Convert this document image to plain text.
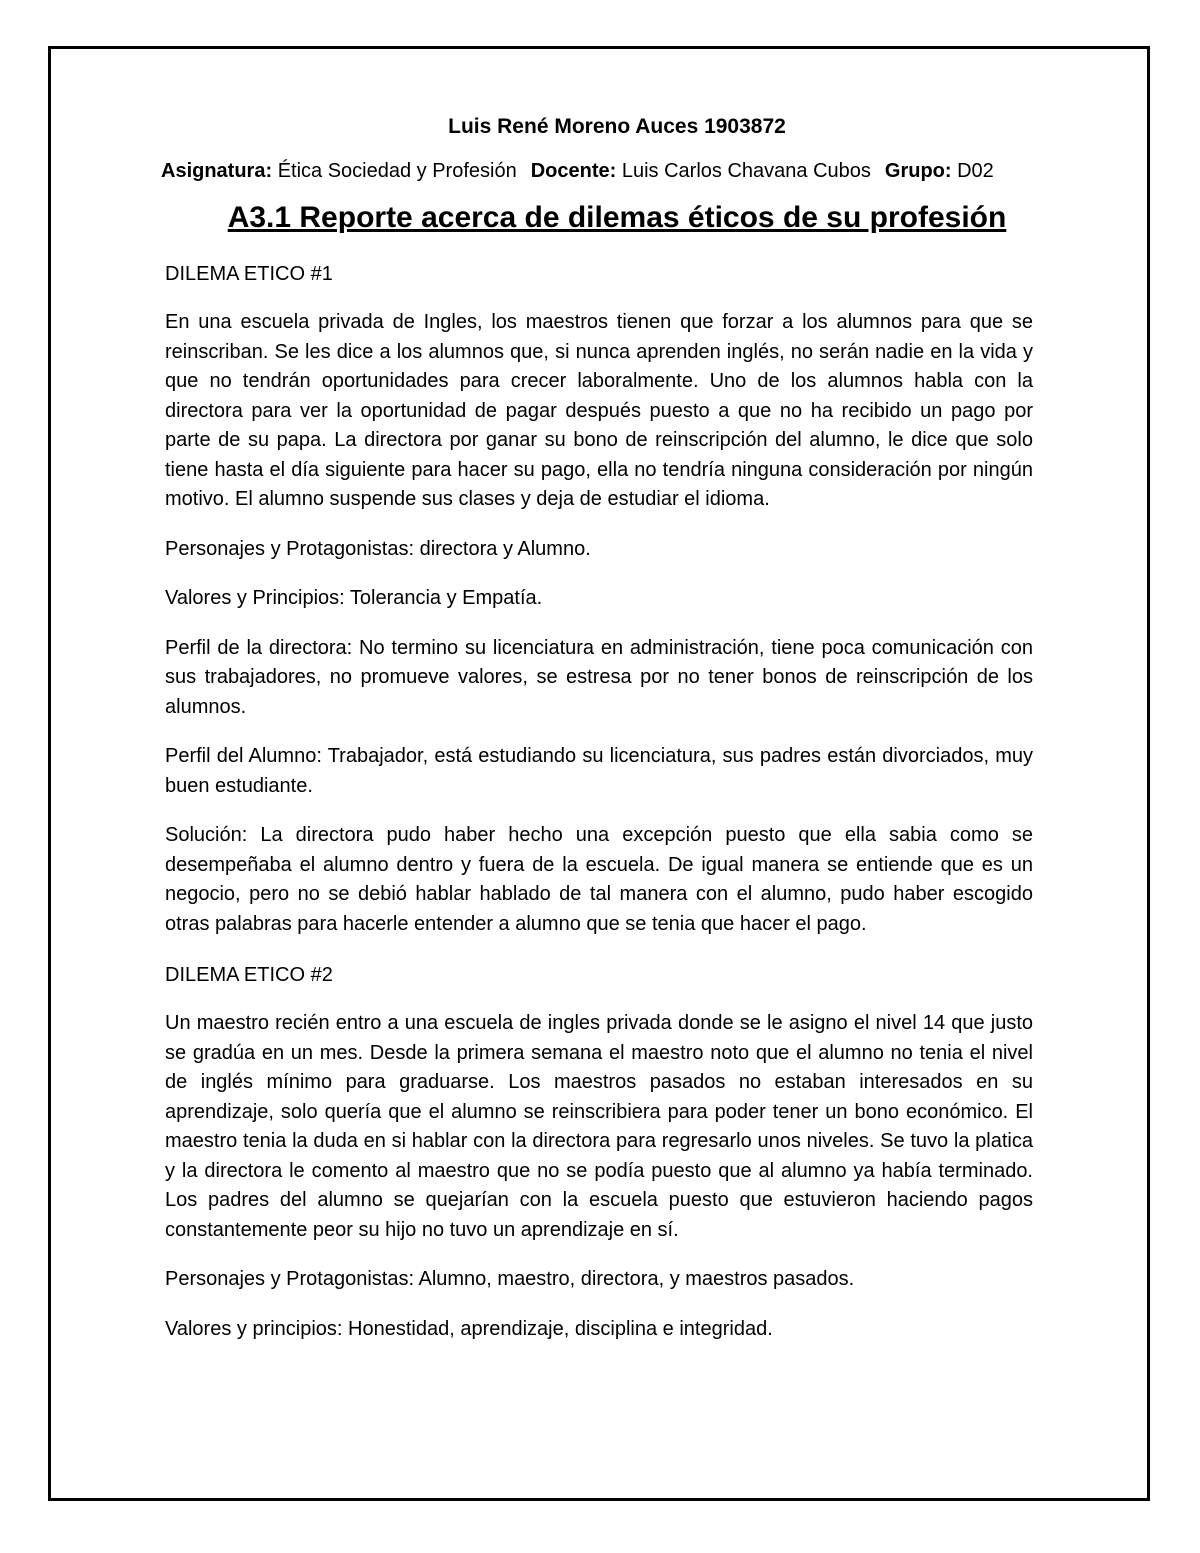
Luis René Moreno Auces 1903872

Asignatura: Ética Sociedad y Profesión Docente: Luis Carlos Chavana Cubos Grupo: D02
A3.1 Reporte acerca de dilemas éticos de su profesión
DILEMA ETICO #1

En una escuela privada de Ingles, los maestros tienen que forzar a los alumnos para que se reinscriban. Se les dice a los alumnos que, si nunca aprenden inglés, no serán nadie en la vida y que no tendrán oportunidades para crecer laboralmente. Uno de los alumnos habla con la directora para ver la oportunidad de pagar después puesto a que no ha recibido un pago por parte de su papa. La directora por ganar su bono de reinscripción del alumno, le dice que solo tiene hasta el día siguiente para hacer su pago, ella no tendría ninguna consideración por ningún motivo. El alumno suspende sus clases y deja de estudiar el idioma.

Personajes y Protagonistas: directora y Alumno.

Valores y Principios: Tolerancia y Empatía.

Perfil de la directora: No termino su licenciatura en administración, tiene poca comunicación con sus trabajadores, no promueve valores, se estresa por no tener bonos de reinscripción de los alumnos.

Perfil del Alumno: Trabajador, está estudiando su licenciatura, sus padres están divorciados, muy buen estudiante.

Solución: La directora pudo haber hecho una excepción puesto que ella sabia como se desempeñaba el alumno dentro y fuera de la escuela. De igual manera se entiende que es un negocio, pero no se debió hablar hablado de tal manera con el alumno, pudo haber escogido otras palabras para hacerle entender a alumno que se tenia que hacer el pago.

DILEMA ETICO #2

Un maestro recién entro a una escuela de ingles privada donde se le asigno el nivel 14 que justo se gradúa en un mes. Desde la primera semana el maestro noto que el alumno no tenia el nivel de inglés mínimo para graduarse. Los maestros pasados no estaban interesados en su aprendizaje, solo quería que el alumno se reinscribiera para poder tener un bono económico. El maestro tenia la duda en si hablar con la directora para regresarlo unos niveles. Se tuvo la platica y la directora le comento al maestro que no se podía puesto que al alumno ya había terminado. Los padres del alumno se quejarían con la escuela puesto que estuvieron haciendo pagos constantemente peor su hijo no tuvo un aprendizaje en sí.

Personajes y Protagonistas: Alumno, maestro, directora, y maestros pasados.

Valores y principios: Honestidad, aprendizaje, disciplina e integridad.
